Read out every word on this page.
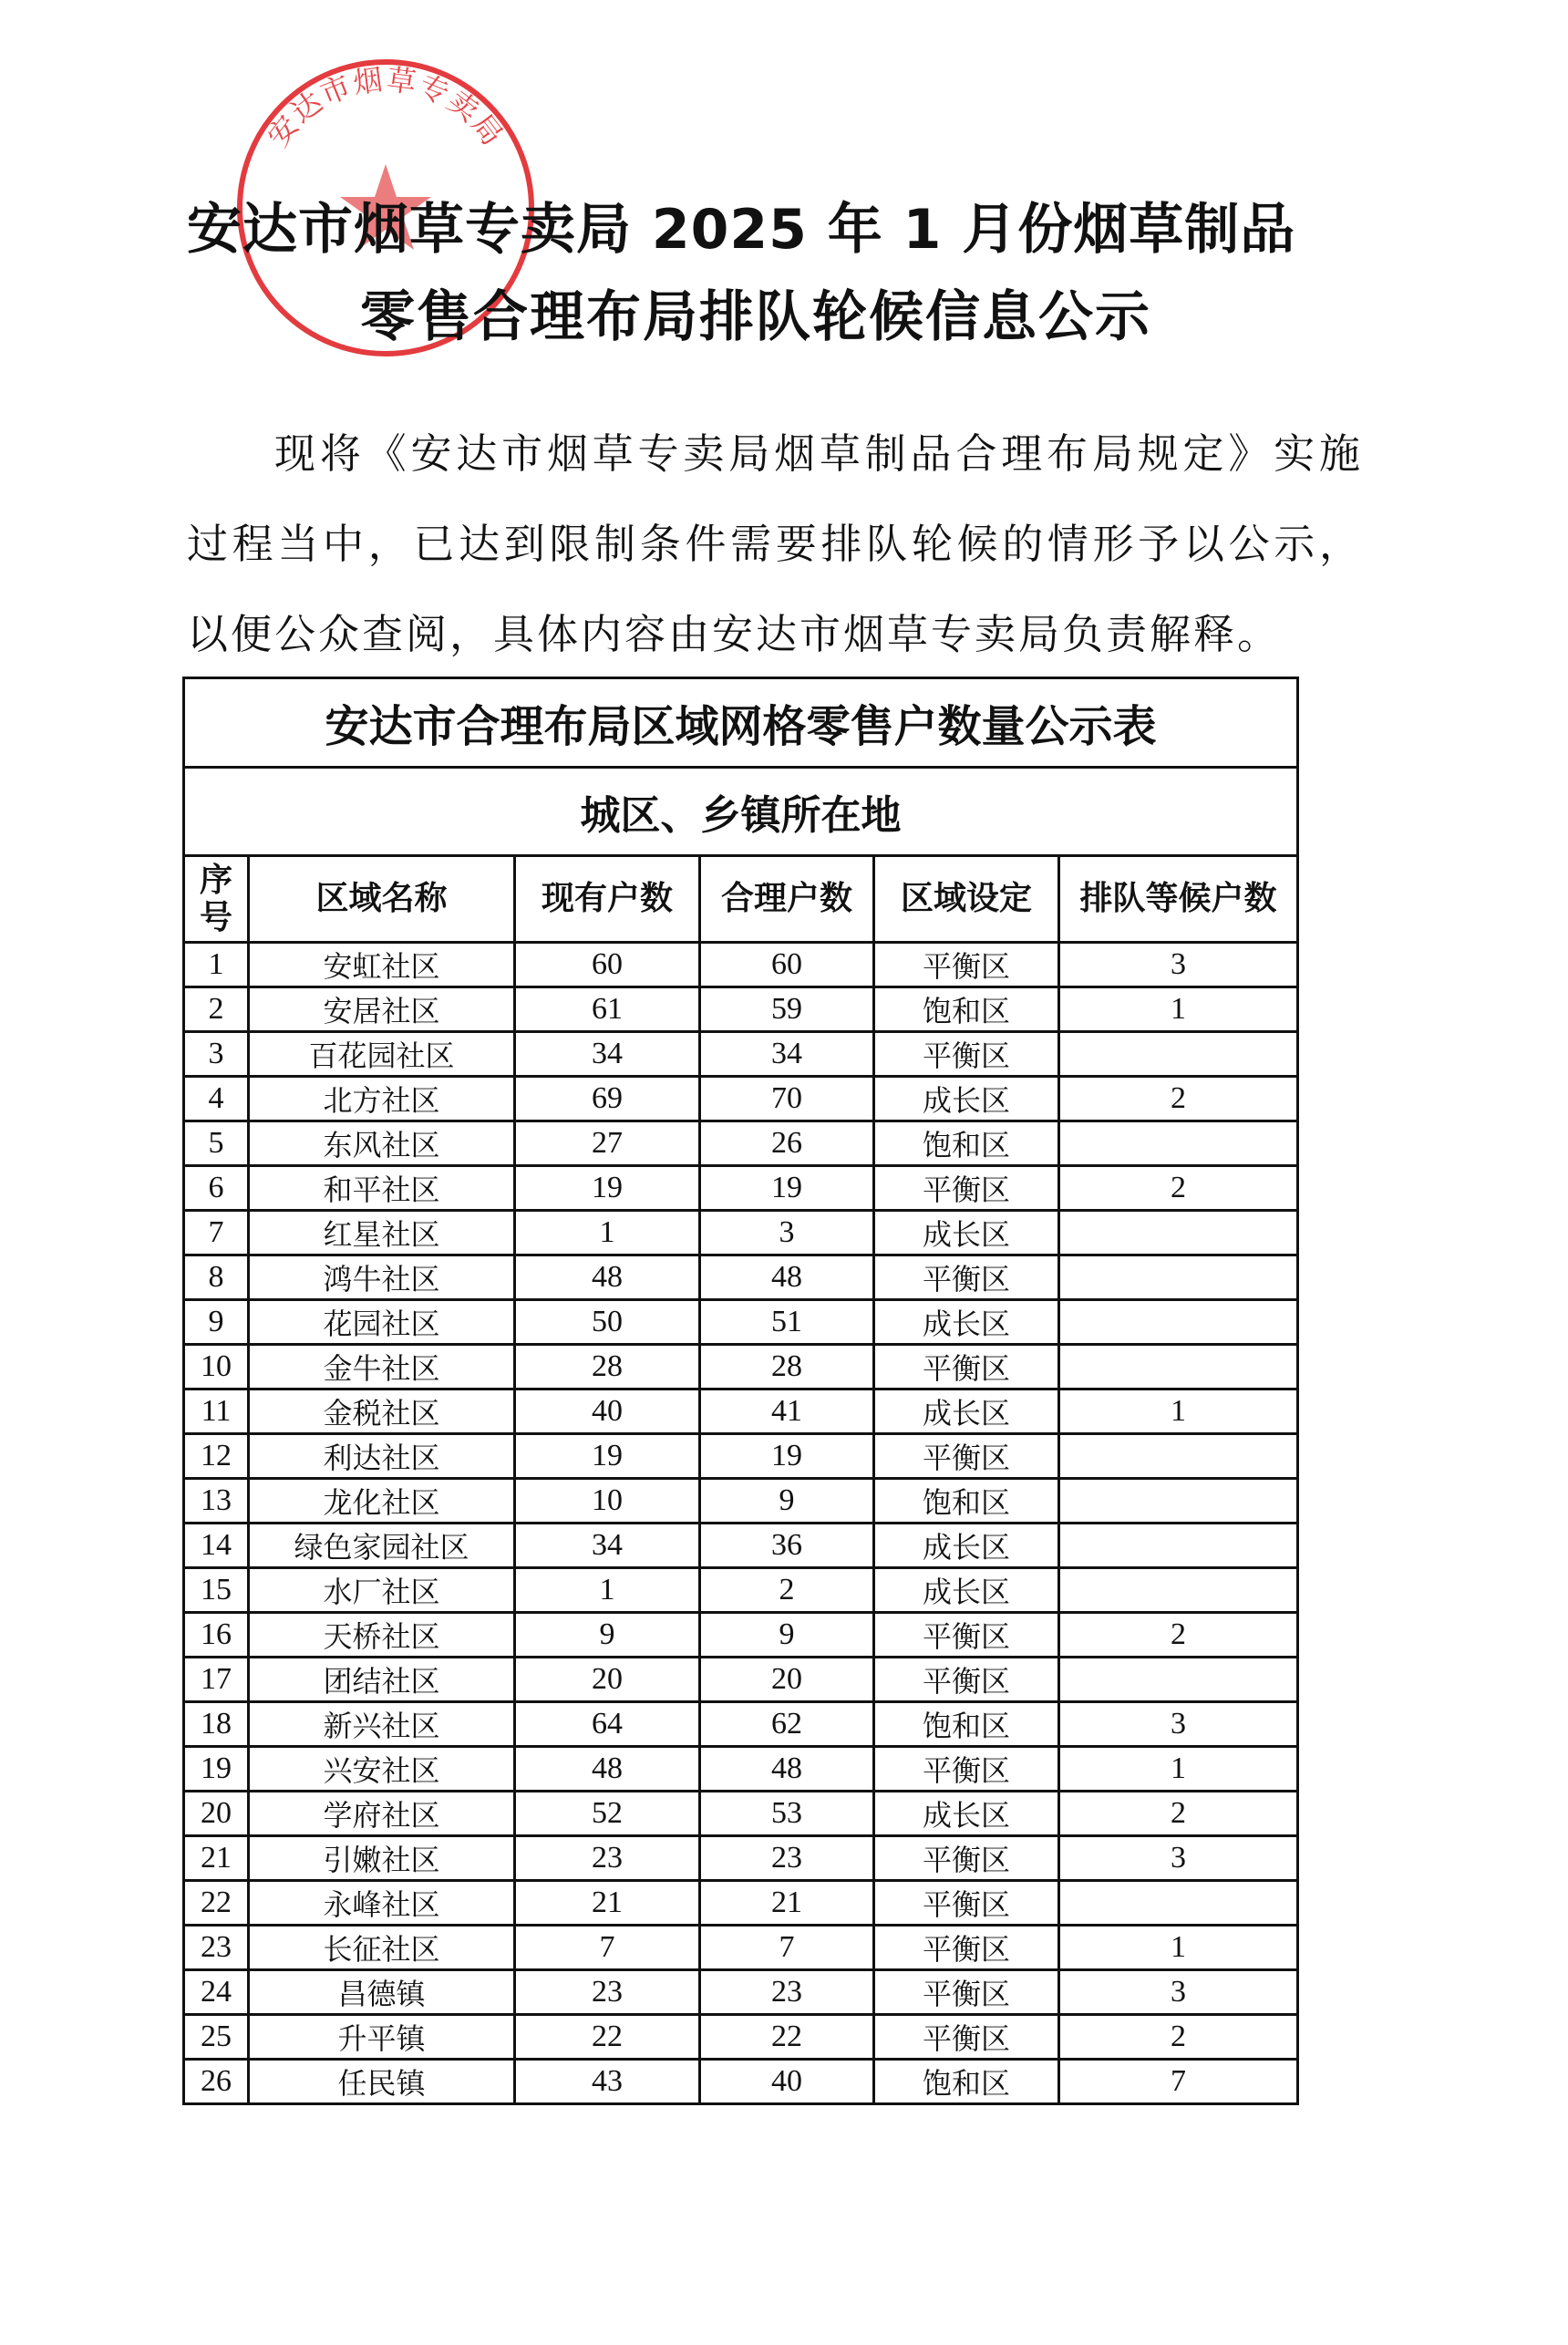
安达市烟草专卖局
安达市烟草专卖局 2025 年 1 月份烟草制品
零售合理布局排队轮候信息公示
现将《安达市烟草专卖局烟草制品合理布局规定》实施过程当中，已达到限制条件需要排队轮候的情形予以公示，以便公众查阅，具体内容由安达市烟草专卖局负责解释。
安达市合理布局区域网格零售户数量公示表					
城区、乡镇所在地					
序号	区域名称	现有户数	合理户数	区域设定	排队等候户数
1	安虹社区	60	60	平衡区	3
2	安居社区	61	59	饱和区	1
3	百花园社区	34	34	平衡区	
4	北方社区	69	70	成长区	2
5	东风社区	27	26	饱和区	
6	和平社区	19	19	平衡区	2
7	红星社区	1	3	成长区	
8	鸿牛社区	48	48	平衡区	
9	花园社区	50	51	成长区	
10	金牛社区	28	28	平衡区	
11	金税社区	40	41	成长区	1
12	利达社区	19	19	平衡区	
13	龙化社区	10	9	饱和区	
14	绿色家园社区	34	36	成长区	
15	水厂社区	1	2	成长区	
16	天桥社区	9	9	平衡区	2
17	团结社区	20	20	平衡区	
18	新兴社区	64	62	饱和区	3
19	兴安社区	48	48	平衡区	1
20	学府社区	52	53	成长区	2
21	引嫩社区	23	23	平衡区	3
22	永峰社区	21	21	平衡区	
23	长征社区	7	7	平衡区	1
24	昌德镇	23	23	平衡区	3
25	升平镇	22	22	平衡区	2
26	任民镇	43	40	饱和区	7
